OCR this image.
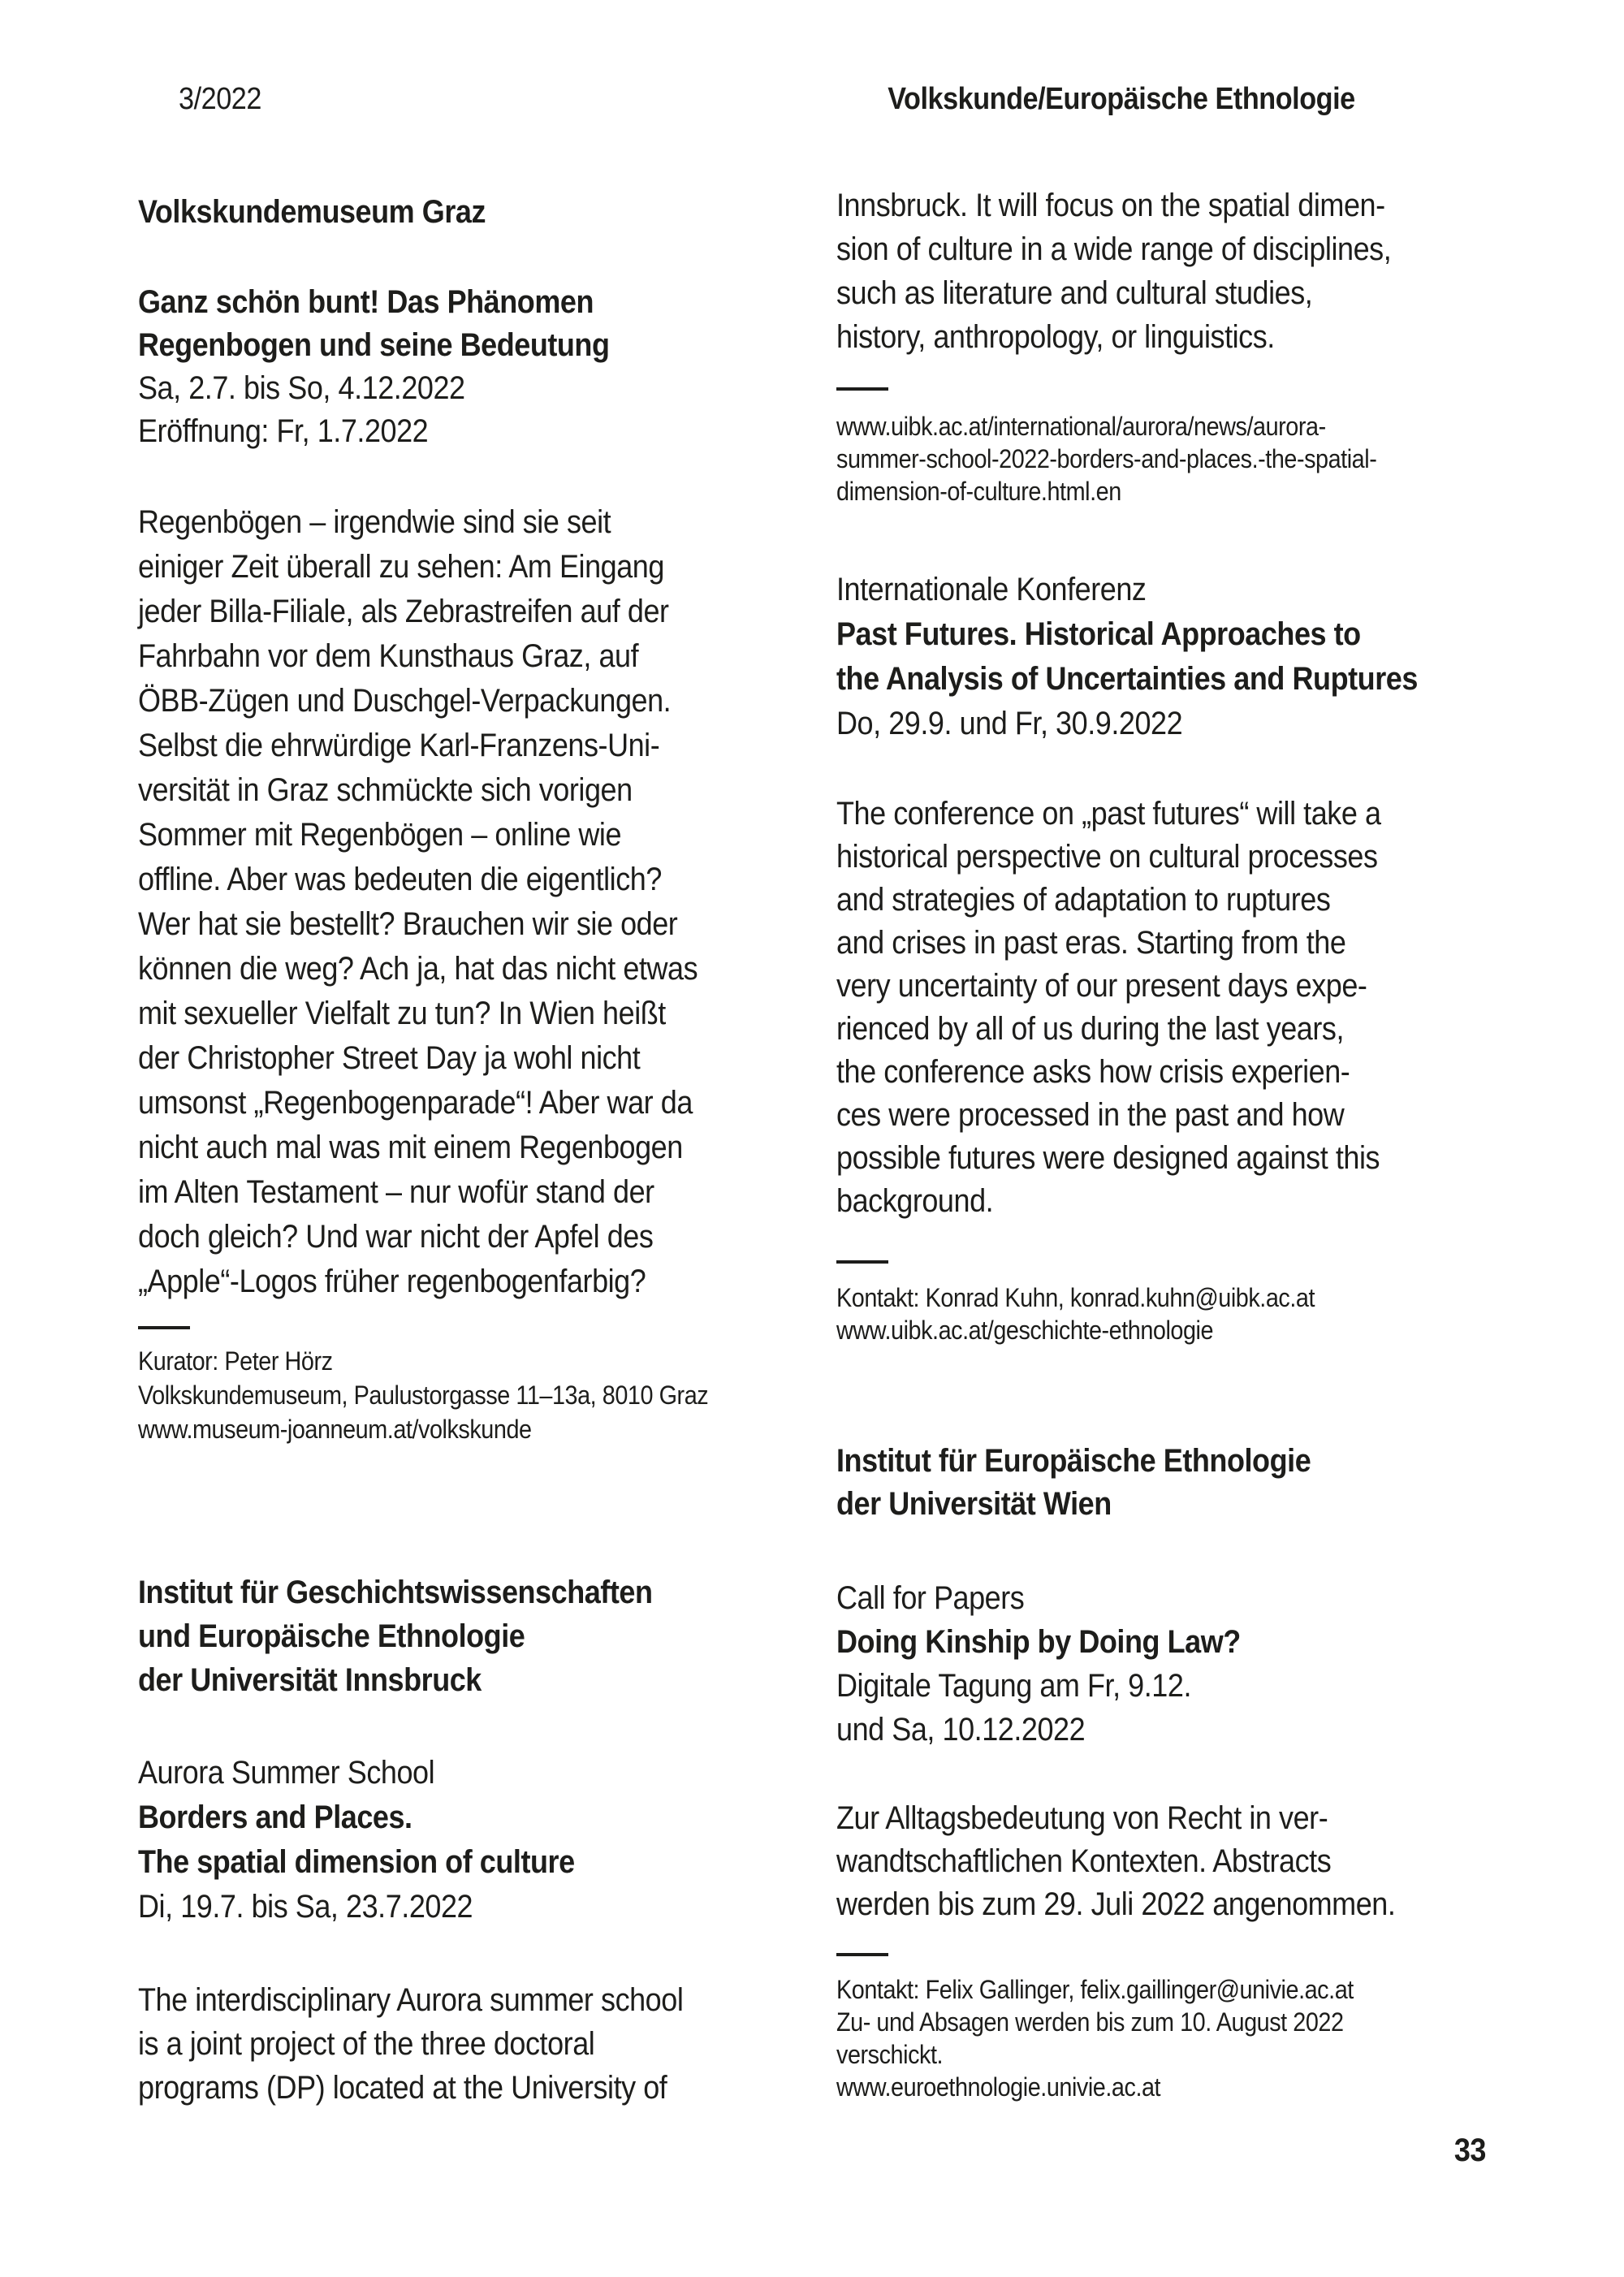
3/2022	Volkskunde/Europäische Ethnologie
Volkskundemuseum Graz
Ganz schön bunt! Das Phänomen
Regenbogen und seine Bedeutung
Sa, 2.7. bis So, 4.12.2022
Eröffnung: Fr, 1.7.2022
Regenbögen – irgendwie sind sie seit
einiger Zeit überall zu sehen: Am Eingang
jeder Billa-Filiale, als Zebrastreifen auf der
Fahrbahn vor dem Kunsthaus Graz, auf
ÖBB-Zügen und Duschgel-Verpackungen.
Selbst die ehrwürdige Karl-Franzens-Uni-
versität in Graz schmückte sich vorigen
Sommer mit Regenbögen – online wie
offline. Aber was bedeuten die eigentlich?
Wer hat sie bestellt? Brauchen wir sie oder
können die weg? Ach ja, hat das nicht etwas
mit sexueller Vielfalt zu tun? In Wien heißt
der Christopher Street Day ja wohl nicht
umsonst „Regenbogenparade“! Aber war da
nicht auch mal was mit einem Regenbogen
im Alten Testament – nur wofür stand der
doch gleich? Und war nicht der Apfel des
„Apple“-Logos früher regenbogenfarbig?
Kurator: Peter Hörz
Volkskundemuseum, Paulustorgasse 11–13a, 8010 Graz
www.museum-joanneum.at/volkskunde
Institut für Geschichtswissenschaften
und Europäische Ethnologie
der Universität Innsbruck
Aurora Summer School
Borders and Places.
The spatial dimension of culture
Di, 19.7. bis Sa, 23.7.2022
The interdisciplinary Aurora summer school
is a joint project of the three doctoral
programs (DP) located at the University of
Innsbruck. It will focus on the spatial dimen-
sion of culture in a wide range of disciplines,
such as literature and cultural studies,
history, anthropology, or linguistics.
www.uibk.ac.at/international/aurora/news/aurora-
summer-school-2022-borders-and-places.-the-spatial-
dimension-of-culture.html.en
Internationale Konferenz
Past Futures. Historical Approaches to
the Analysis of Uncertainties and Ruptures
Do, 29.9. und Fr, 30.9.2022
The conference on „past futures“ will take a
historical perspective on cultural processes
and strategies of adaptation to ruptures
and crises in past eras. Starting from the
very uncertainty of our present days expe-
rienced by all of us during the last years,
the conference asks how crisis experien-
ces were processed in the past and how
possible futures were designed against this
background.
Kontakt: Konrad Kuhn, konrad.kuhn@uibk.ac.at
www.uibk.ac.at/geschichte-ethnologie
Institut für Europäische Ethnologie
der Universität Wien
Call for Papers
Doing Kinship by Doing Law?
Digitale Tagung am Fr, 9.12.
und Sa, 10.12.2022
Zur Alltagsbedeutung von Recht in ver-
wandtschaftlichen Kontexten. Abstracts
werden bis zum 29. Juli 2022 angenommen.
Kontakt: Felix Gallinger, felix.gaillinger@univie.ac.at
Zu- und Absagen werden bis zum 10. August 2022
verschickt.
www.euroethnologie.univie.ac.at
33
